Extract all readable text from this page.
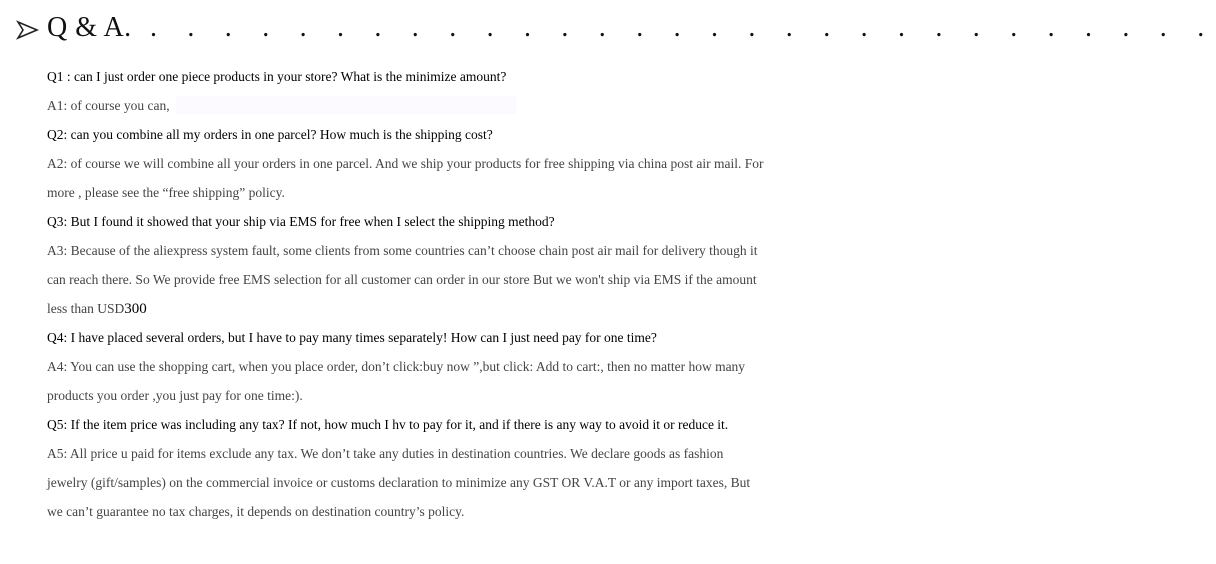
Q & A. . . . . . . . . . . . . . . . . . . . . . . . . . . . . .
Q1 : can I just order one piece products in your store? What is the minimize amount?
A1: of course you can,
Q2: can you combine all my orders in one parcel? How much is the shipping cost?
A2: of course we will combine all your orders in one parcel. And we ship your products for free shipping via china post air mail. For
more , please see the “free shipping” policy.
Q3: But I found it showed that your ship via EMS for free when I select the shipping method?
A3: Because of the aliexpress system fault, some clients from some countries can’t choose chain post air mail for delivery though it
can reach there. So We provide free EMS selection for all customer can order in our store But we won't ship via EMS if the amount
less than USD300
Q4: I have placed several orders, but I have to pay many times separately! How can I just need pay for one time?
A4: You can use the shopping cart, when you place order, don’t click:buy now ”,but click: Add to cart:, then no matter how many
products you order ,you just pay for one time:).
Q5: If the item price was including any tax? If not, how much I hv to pay for it, and if there is any way to avoid it or reduce it.
A5: All price u paid for items exclude any tax. We don’t take any duties in destination countries. We declare goods as fashion
jewelry (gift/samples) on the commercial invoice or customs declaration to minimize any GST OR V.A.T or any import taxes, But
we can’t guarantee no tax charges, it depends on destination country’s policy.
